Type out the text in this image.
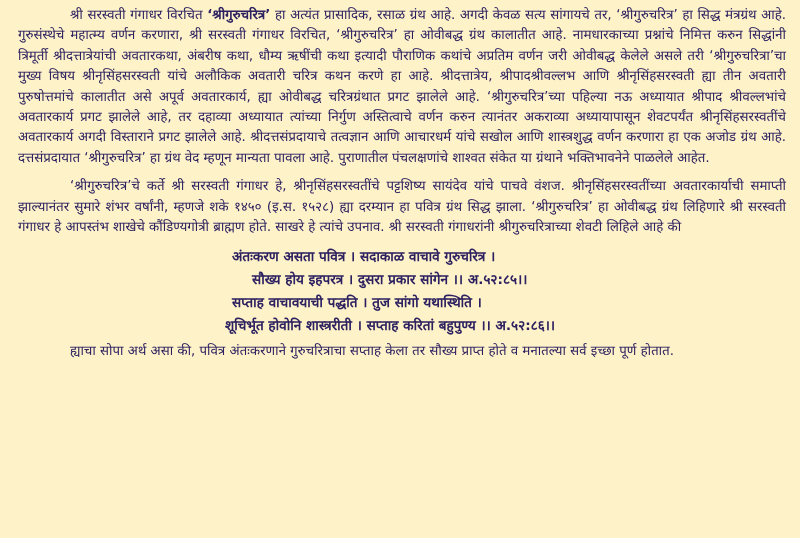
श्री सरस्वती गंगाधर विरचित ‘श्रीगुरुचरित्र’ हा अत्यंत प्रासादिक, रसाळ ग्रंथ आहे. अगदी केवळ सत्य सांगायचे तर, ‘श्रीगुरुचरित्र’ हा सिद्ध मंत्रग्रंथ आहे. गुरुसंस्थेचे महात्म्य वर्णन करणारा, श्री सरस्वती गंगाधर विरचित, ‘श्रीगुरुचरित्र’ हा ओवीबद्ध ग्रंथ कालातीत आहे. नामधारकाच्या प्रश्नांचे निमित्त करुन सिद्धांनी त्रिमूर्ती श्रीदत्तात्रेयांची अवतारकथा, अंबरीष कथा, धौम्य ऋषींची कथा इत्यादी पौराणिक कथांचे अप्रतिम वर्णन जरी ओवीबद्ध केलेले असले तरी ‘श्रीगुरुचरित्रा’चा मुख्य विषय श्रीनृसिंहसरस्वती यांचे अलौकिक अवतारी चरित्र कथन करणे हा आहे. श्रीदत्तात्रेय, श्रीपादश्रीवल्लभ आणि श्रीनृसिंहसरस्वती ह्या तीन अवतारी पुरुषोत्तमांचे कालातीत असे अपूर्व अवतारकार्य, ह्या ओवीबद्ध चरित्रग्रंथात प्रगट झालेले आहे. ‘श्रीगुरुचरित्र’च्या पहिल्या नऊ अध्यायात श्रीपाद श्रीवल्लभांचे अवतारकार्य प्रगट झालेले आहे, तर दहाव्या अध्यायात त्यांच्या निर्गुण अस्तित्वाचे वर्णन करुन त्यानंतर अकराव्या अध्यायापासून शेवटपर्यंत श्रीनृसिंहसरस्वतींचे अवतारकार्य अगदी विस्ताराने प्रगट झालेले आहे. श्रीदत्तसंप्रदायाचे तत्वज्ञान आणि आचारधर्म यांचे सखोल आणि शास्त्रशुद्ध वर्णन करणारा हा एक अजोड ग्रंथ आहे. दत्तसंप्रदायात ‘श्रीगुरुचरित्र’ हा ग्रंथ वेद म्हणून मान्यता पावला आहे. पुराणातील पंचलक्षणांचे शाश्वत संकेत या ग्रंथाने भक्तिभावनेने पाळलेले आहेत.

‘श्रीगुरुचरित्र’चे कर्ते श्री सरस्वती गंगाधर हे, श्रीनृसिंहसरस्वतींचे पट्टशिष्य सायंदेव यांचे पाचवे वंशज. श्रीनृसिंहसरस्वतींच्या अवतारकार्याची समाप्ती झाल्यानंतर सुमारे शंभर वर्षांनी, म्हणजे शके १४५० (इ.स. १५२८) ह्या दरम्यान हा पवित्र ग्रंथ सिद्ध झाला. ‘श्रीगुरुचरित्र’ हा ओवीबद्ध ग्रंथ लिहिणारे श्री सरस्वती गंगाधर हे आपस्तंभ शाखेचे कौंडिण्यगोत्री ब्राह्मण होते. साखरे हे त्यांचे उपनाव. श्री सरस्वती गंगाधरांनी श्रीगुरुचरित्राच्या शेवटी लिहिले आहे की

अंतःकरण असता पवित्र । सदाकाळ वाचावे गुरुचरित्र ।
सौख्य होय इहपरत्र । दुसरा प्रकार सांगेन ।। अ.५२:८५।।
सप्ताह वाचावयाची पद्धति । तुज सांगो यथास्थिति ।
शूचिर्भूत होवोनि शास्त्ररीती । सप्ताह करितां बहुपुण्य ।। अ.५२:८६।।

ह्याचा सोपा अर्थ असा की, पवित्र अंतःकरणाने गुरुचरित्राचा सप्ताह केला तर सौख्य प्राप्त होते व मनातल्या सर्व इच्छा पूर्ण होतात.
